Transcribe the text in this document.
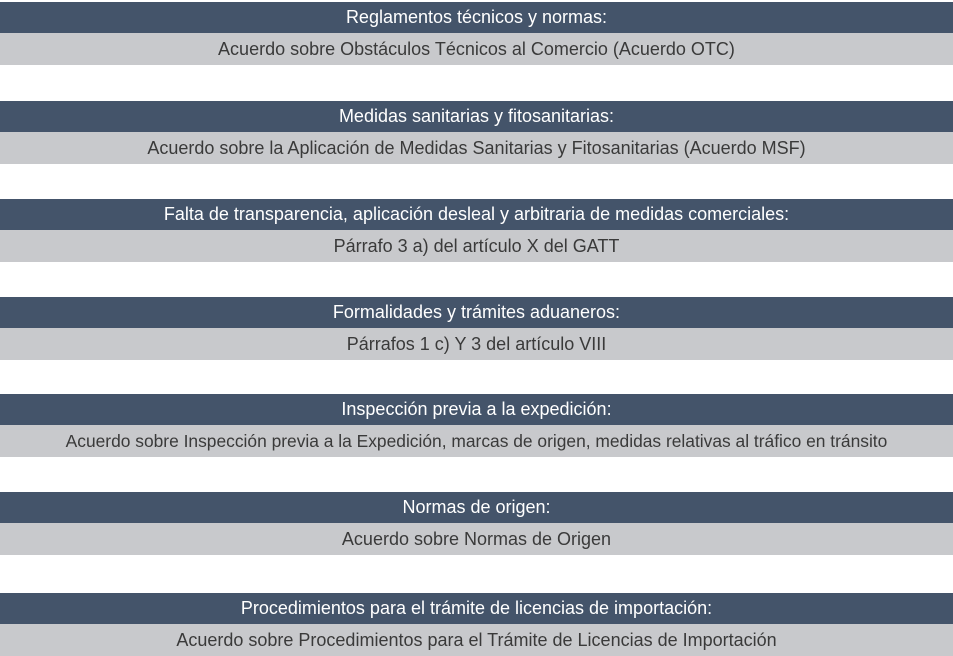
Reglamentos técnicos y normas:
Acuerdo sobre Obstáculos Técnicos al Comercio (Acuerdo OTC)
Medidas sanitarias y fitosanitarias:
Acuerdo sobre la Aplicación de Medidas Sanitarias y Fitosanitarias (Acuerdo MSF)
Falta de transparencia, aplicación desleal y arbitraria de medidas comerciales:
Párrafo 3 a) del artículo X del GATT
Formalidades y trámites aduaneros:
Párrafos 1 c) Y 3 del artículo VIII
Inspección previa a la expedición:
Acuerdo sobre Inspección previa a la Expedición, marcas de origen, medidas relativas al tráfico en tránsito
Normas de origen:
Acuerdo sobre Normas de Origen
Procedimientos para el trámite de licencias de importación:
Acuerdo sobre Procedimientos para el Trámite de Licencias de Importación
